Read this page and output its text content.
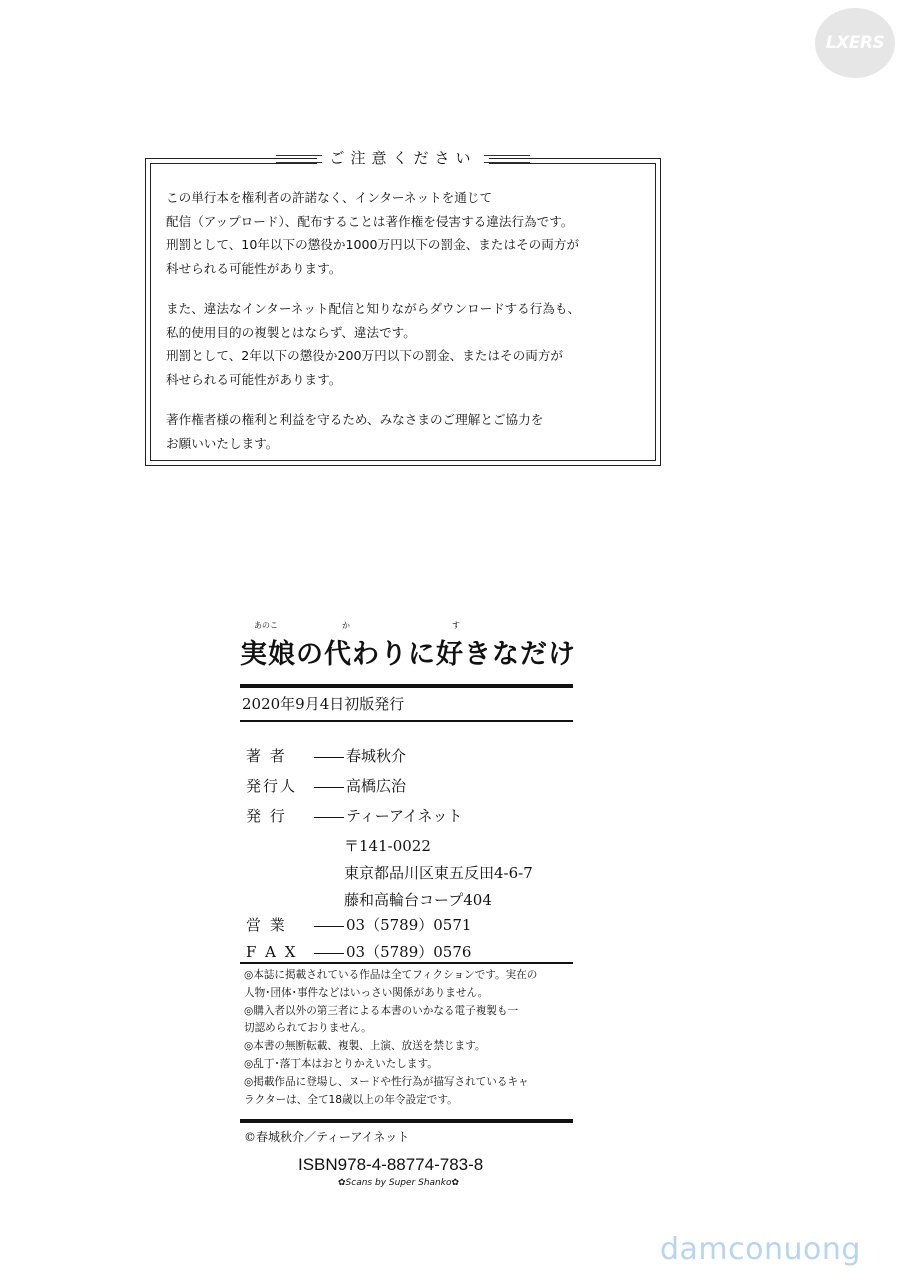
LXERS
ご注意ください

この単行本を権利者の許諾なく、インターネットを通じて
配信（アップロード）、配布することは著作権を侵害する違法行為です。
刑罰として、10年以下の懲役か1000万円以下の罰金、またはその両方が
科せられる可能性があります。

また、違法なインターネット配信と知りながらダウンロードする行為も、
私的使用目的の複製とはならず、違法です。
刑罰として、2年以下の懲役か200万円以下の罰金、またはその両方が
科せられる可能性があります。

著作権者様の権利と利益を守るため、みなさまのご理解とご協力を
お願いいたします。

あのこ	か	す
実娘の代わりに好きなだけ
2020年9月4日初版発行
著 者	春城秋介
発行人	高橋広治
発 行	ティーアイネット
〒141-0022
東京都品川区東五反田4-6-7
藤和高輪台コープ404
営 業	03（5789）0571
F A X	03（5789）0576
◎本誌に掲載されている作品は全てフィクションです。実在の
人物･団体･事件などはいっさい関係がありません。
◎購入者以外の第三者による本書のいかなる電子複製も一
切認められておりません。
◎本書の無断転載、複製、上演、放送を禁じます。
◎乱丁･落丁本はおとりかえいたします。
◎掲載作品に登場し、ヌードや性行為が描写されているキャ
ラクターは、全て18歳以上の年令設定です。
©春城秋介／ティーアイネット
ISBN978-4-88774-783-8
✿Scans by Super Shanko✿
damconuong
